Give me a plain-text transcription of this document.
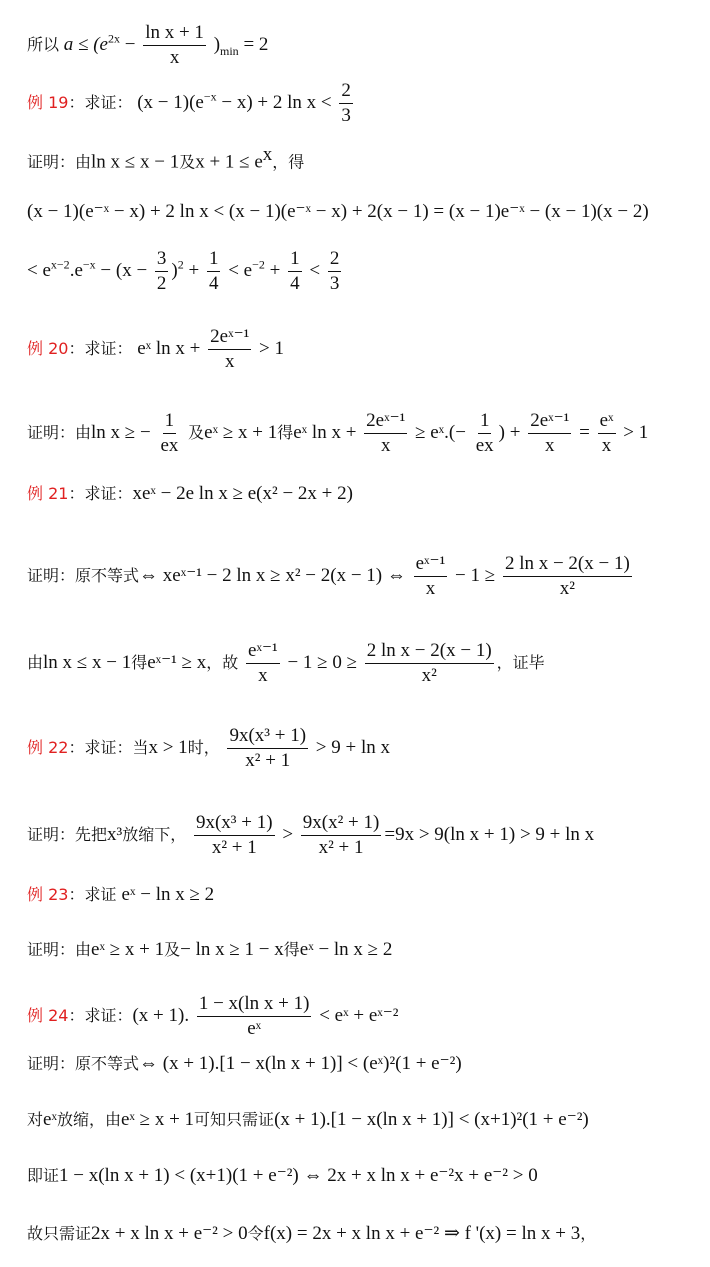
所以 $a \le (e^{2x} - \frac{\text{ln x + 1}}{x} )_{min} = 2$
例 19：求证： $(x - 1)(e^{-x} - x) + 2$ $\ln x < \frac{2}{3}$
证明：由ln x ≤ x − 1及$x + 1 \le e^x$，得
(x − 1)(e⁻ˣ − x) + 2 ln x < (x − 1)(e⁻ˣ − x) + 2(x − 1) = (x − 1)e⁻ˣ − (x − 1)(x − 2)
< $e^{x-2}.e^{-x} - (x - \frac{3}{2} )^2 + \frac{1}{4} < e^{-2} + \frac{1}{4} < \frac{2}{3}$
例 20：求证： eˣ $\ln x + \frac{\text{2eˣ⁻¹}}{x} > 1$
证明：由ln x ≥ − $\frac{1}{ex}$ 及eˣ ≥ x + 1得eˣ $\ln x + \frac{\text{2eˣ⁻¹}}{x}$ ≥ eˣ.(− $\frac{1}{ex}$ ) + $\frac{\text{2eˣ⁻¹}}{x} = \frac{\text{eˣ}}{x} > 1$
例 21：求证：xeˣ − 2e ln x ≥ e(x² − 2x + 2)
证明：原不等式⇔ xeˣ⁻¹ − 2 ln x ≥ x² − 2(x − 1) ⇔ $\frac{\text{eˣ⁻¹}}{x} - 1 \ge \frac{\text{2 ln x − 2(x − 1)}}{\text{x²}}$
由ln x ≤ x − 1得eˣ⁻¹ ≥ x，故 $\frac{\text{eˣ⁻¹}}{x} - 1 \ge 0 \ge \frac{\text{2 ln x − 2(x − 1)}}{\text{x²}}$ ，证毕
例 22：求证：当x > 1时， $\frac{\text{9x(x³ + 1)}}{\text{x² + 1}} > 9 + \ln x$
证明：先把x³放缩下， $\frac{\text{9x(x³ + 1)}}{\text{x² + 1}} > \frac{\text{9x(x² + 1)}}{\text{x² + 1}} =9x > 9(\ln$ x + 1) > 9 + ln x
例 23：求证 eˣ − ln x ≥ 2
证明：由eˣ ≥ x + 1及− ln x ≥ 1 − x得eˣ − ln x ≥ 2
例 24：求证：(x + 1). $\frac{\text{1 − x(ln x + 1)}}{\text{eˣ}}$ < eˣ + eˣ⁻²
证明：原不等式⇔ (x + 1).[1 − x(ln x + 1)] < (eˣ)²(1 + e⁻²)
对eˣ放缩，由eˣ ≥ x + 1可知只需证(x + 1).[1 − x(ln x + 1)] < (x+1)²(1 + e⁻²)
即证1 − x(ln x + 1) < (x+1)(1 + e⁻²) ⇔ 2x + x ln x + e⁻²x + e⁻² > 0
故只需证2x + x ln x + e⁻² > 0令f(x) = 2x + x ln x + e⁻² ⇒ f '(x) = ln x + 3，
